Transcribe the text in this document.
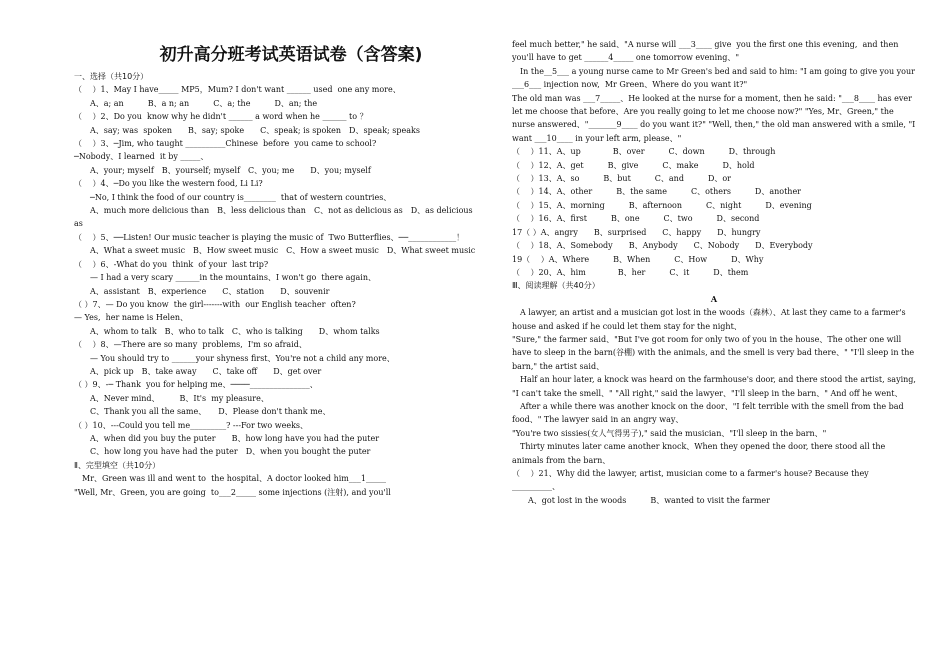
初升高分班考试英语试卷（含答案)
一、选择（共10分）
（　 ）1、May I have_____ MP5，Mum? I don't want ______ used  one any more、
　　A、a; an　　　B、a n; an　　　C、a; the　　　D、an; the
（　 ）2、Do you  know why he didn't ______ a word when he ______ to ？
　　A、say; was  spoken　　B、say; spoke　　C、speak; is spoken　D、speak; speaks
（　 ）3、─Jim, who taught __________Chinese  before  you came to school?
─Nobody、I learned  it by _____、
　　A、your; myself　B、yourself; myself　C、you; me　　D、you; myself
（　 ）4、─Do you like the western food, Li Li?
　　─No, I think the food of our country is________  that of western countries、
　　A、much more delicious than　B、less delicious than　C、not as delicious as　D、as delicious as
（　 ）5、──Listen! Our music teacher is playing the music of  Two Butterflies、──____________！
　　A、What a sweet music　B、How sweet music　C、How a sweet music　D、What sweet music
（　 ）6、-What do you  think  of your  last trip?
　　— I had a very scary ______in the mountains、I won't go  there again、
　　A、assistant　B、experience　　C、station　　D、souvenir
（ ）7、— Do you know  the girl-------with  our English teacher  often?
— Yes,  her name is Helen、
　　A、whom to talk　B、who to talk　C、who is talking　　D、whom talks
（　 ）8、—There are so many  problems,  I'm so afraid、
　　— You should try to ______your shyness first、You're not a child any more、
　　A、pick up　B、take away　　C、take off　　D、get over
（ ）9、-─ Thank  you for helping me、────_______________、
　　A、Never mind、　　　B、It's  my pleasure、
　　C、Thank you all the same、　　D、Please don't thank me、
（ ）10、---Could you tell me_________? ---For two weeks、
　　A、when did you buy the puter　　B、how long have you had the puter
　　C、how long you have had the puter　D、when you bought the puter
Ⅱ、完型填空（共10分）
　Mr、Green was ill and went to  the hospital、A doctor looked him___1_____
"Well, Mr、Green, you are going  to___2_____ some injections (注射), and you'll
feel much better," he said、"A nurse will ___3____ give  you the first one this evening,  and then you'll have to get ______4_____ one tomorrow evening、"
　In the__5___ a young nurse came to Mr Green's bed and said to him: "I am going to give you your ___6___ injection now,  Mr Green、Where do you want it?"
The old man was ___7_____、He looked at the nurse for a moment, then he said: "___8____ has ever let me choose that before、Are you really going to let me choose now?" "Yes, Mr、Green," the nurse answered、"_______9____ do you want it?" "Well, then," the old man answered with a smile, "I want ___10____ in your left arm, please、"
（　 ）11、A、up　　　　B、over　　　C、down　　　D、through
（　 ）12、A、get　　　B、give　　　C、make　　　D、hold
（　 ）13、A、so　　　B、but　　　C、and　　　D、or
（　 ）14、A、other　　　B、the same　　　C、others　　　D、another
（　 ）15、A、morning　　　B、afternoon　　　C、night　　　D、evening
（　 ）16、A、first　　　B、one　　　C、two　　　D、second
17（ ）A、angry　　B、surprised　　C、happy　　D、hungry
（　 ）18、A、Somebody　　B、Anybody　　C、Nobody　　D、Everybody
19（　 ）A、Where　　　B、When　　　C、How　　　D、Why
（　 ）20、A、him　　　　B、her　　　C、it　　　D、them
Ⅲ、阅读理解（共40分）
A
　A lawyer, an artist and a musician got lost in the woods（森林）、At last they came to a farmer's house and asked if he could let them stay for the night、
"Sure," the farmer said、"But I've got room for only two of you in the house、The other one will have to sleep in the barn(谷棚) with the animals, and the smell is very bad there、" "I'll sleep in the barn," the artist said、
　Half an hour later, a knock was heard on the farmhouse's door, and there stood the artist, saying, "I can't take the smell、" "All right," said the lawyer、"I'll sleep in the barn、" And off he went、
　After a while there was another knock on the door、"I felt terrible with the smell from the bad food、" The lawyer said in an angry way、
"You're two sissies(女人气得男子)," said the musician、"I'll sleep in the barn、"
　Thirty minutes later came another knock、When they opened the door, there stood all the animals from the barn、
（　 ）21、Why did the lawyer, artist, musician come to a farmer's house? Because they __________、
　　A、got lost in the woods　　　B、wanted to visit the farmer
